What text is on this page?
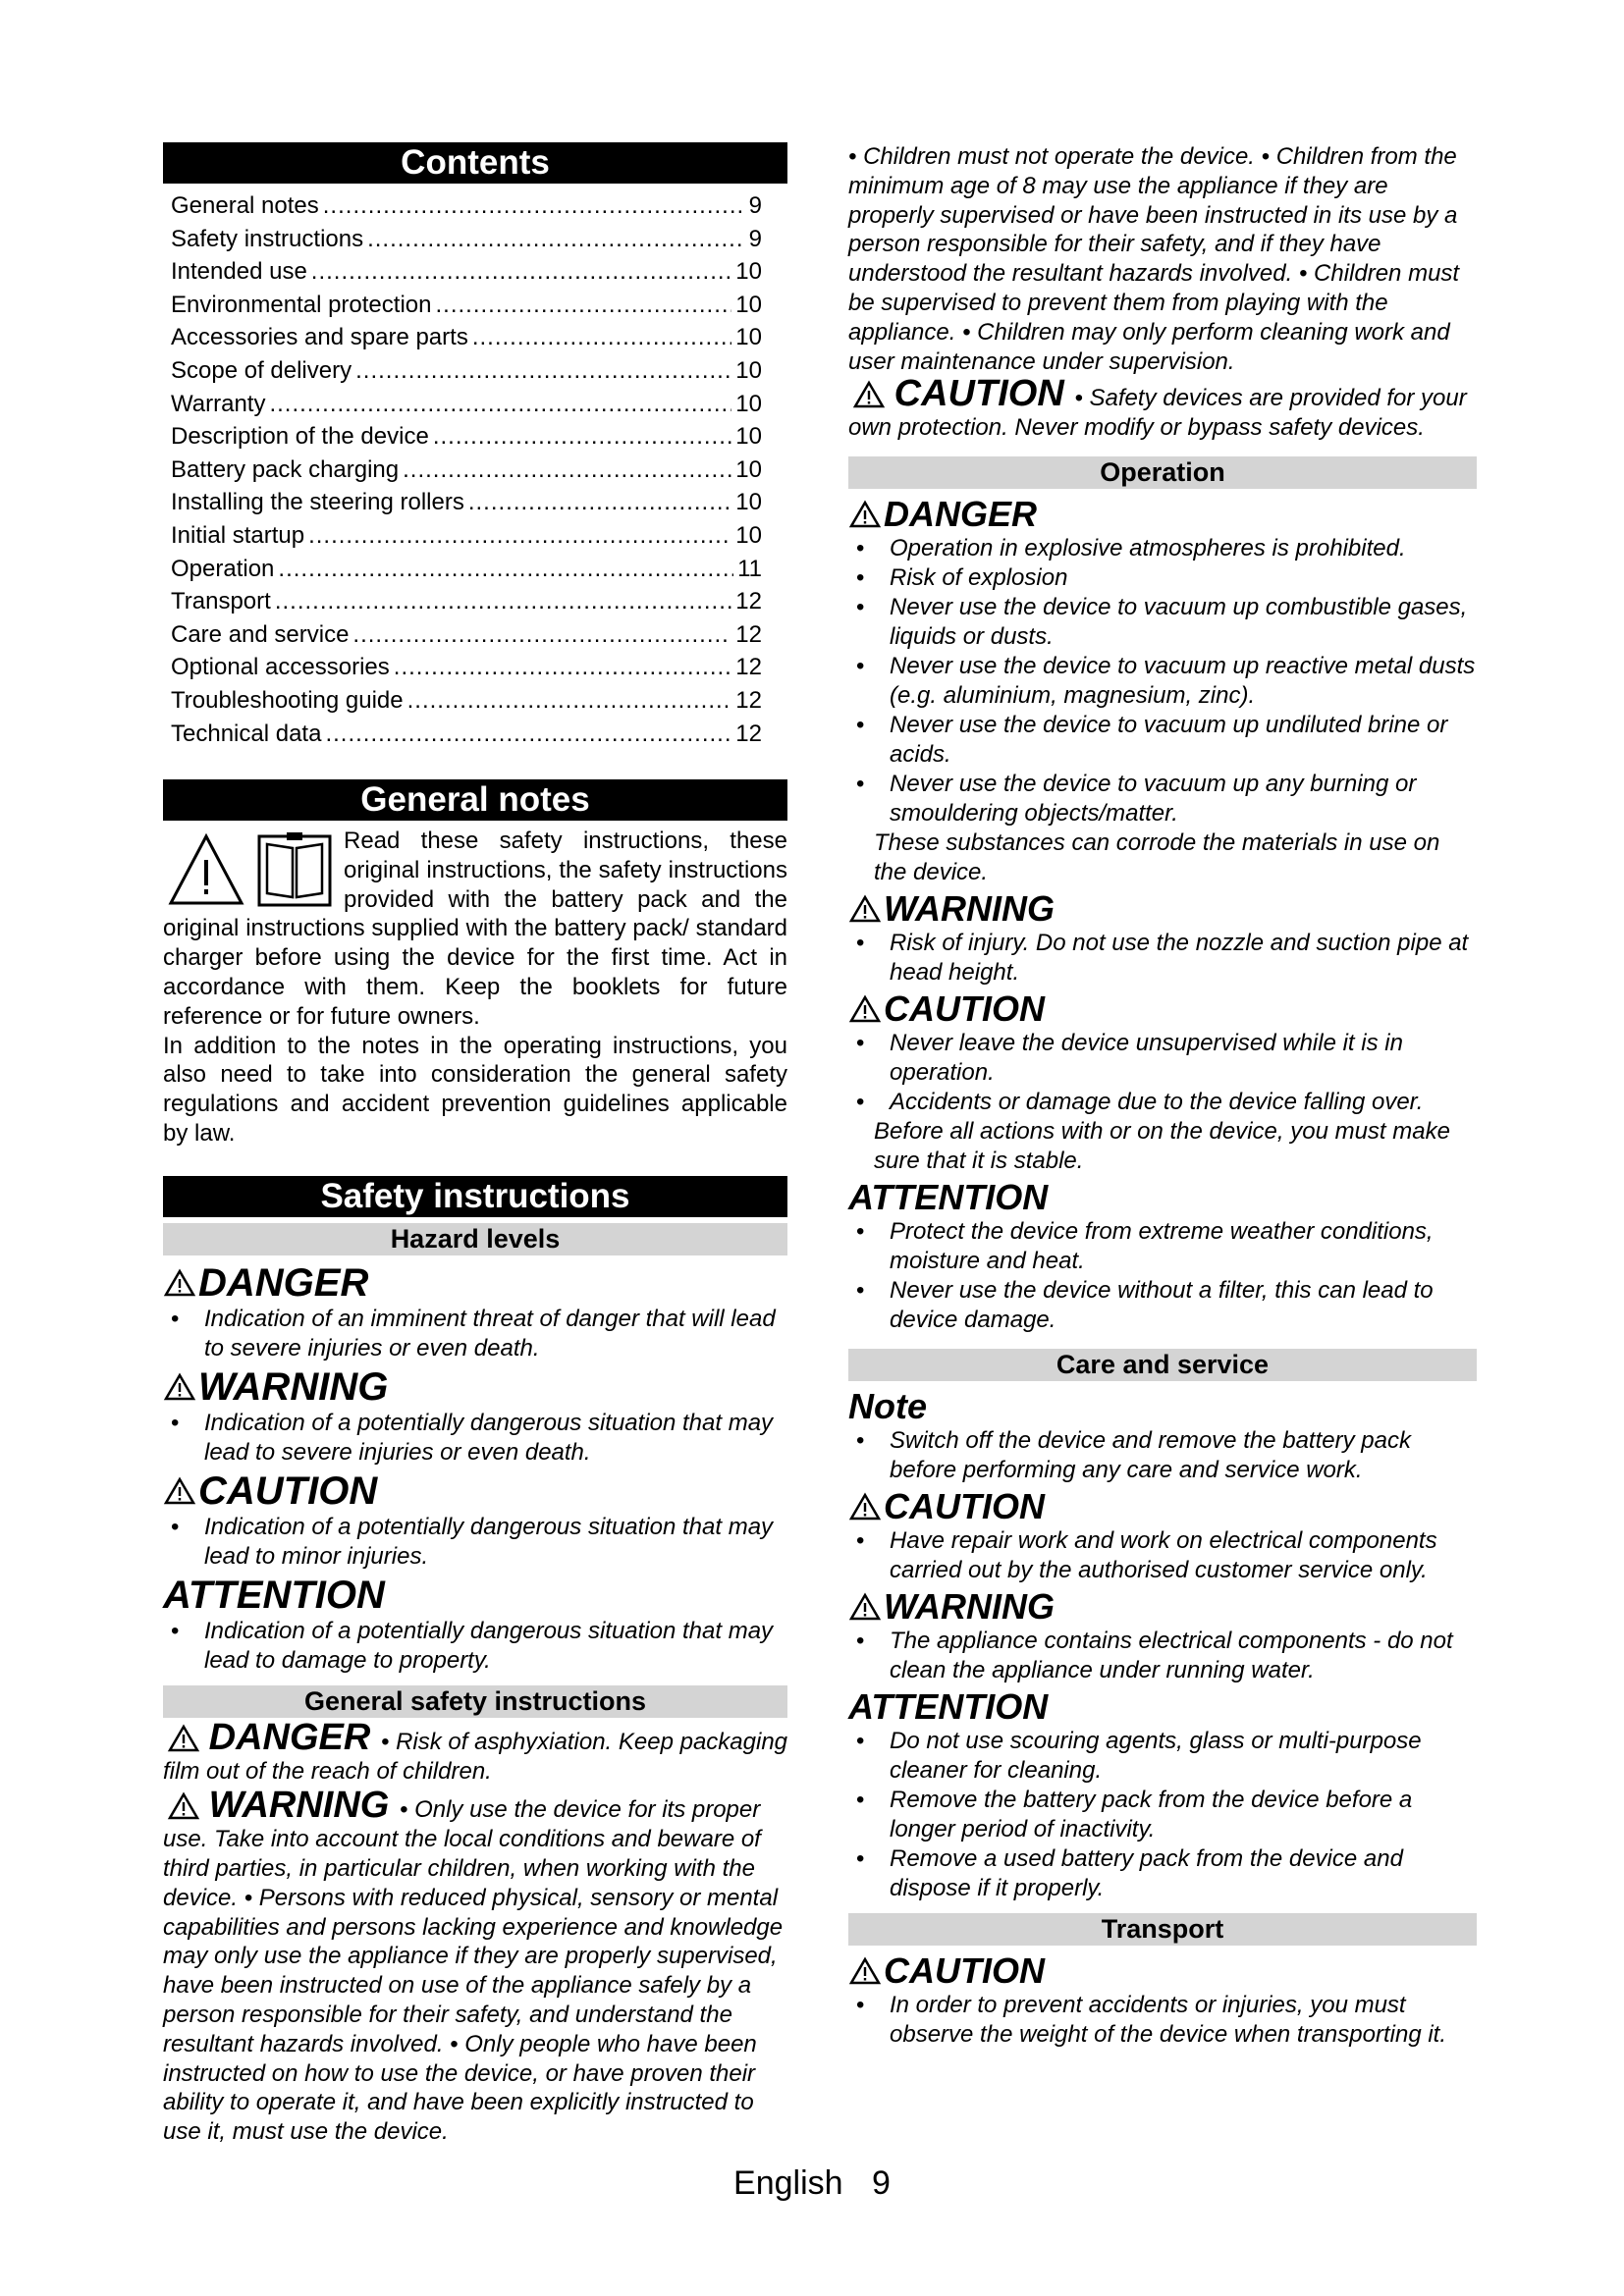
Contents
General notes .....	9
Safety instructions .....	9
Intended use .....	10
Environmental protection .....	10
Accessories and spare parts .....	10
Scope of delivery .....	10
Warranty .....	10
Description of the device .....	10
Battery pack charging .....	10
Installing the steering rollers .....	10
Initial startup .....	10
Operation .....	11
Transport .....	12
Care and service .....	12
Optional accessories .....	12
Troubleshooting guide .....	12
Technical data .....	12
General notes

Read these safety instructions, these original instructions, the safety instructions provided with the battery pack and the original instructions supplied with the battery pack/ standard charger before using the device for the first time. Act in accordance with them. Keep the booklets for future reference or for future owners.

In addition to the notes in the operating instructions, you also need to take into consideration the general safety regulations and accident prevention guidelines applicable by law.

Safety instructions
Hazard levels
DANGER
• Indication of an imminent threat of danger that will lead to severe injuries or even death.
WARNING
• Indication of a potentially dangerous situation that may lead to severe injuries or even death.
CAUTION
• Indication of a potentially dangerous situation that may lead to minor injuries.
ATTENTION
• Indication of a potentially dangerous situation that may lead to damage to property.
General safety instructions

DANGER • Risk of asphyxiation. Keep packaging film out of the reach of children.

WARNING • Only use the device for its proper use. Take into account the local conditions and beware of third parties, in particular children, when working with the device. • Persons with reduced physical, sensory or mental capabilities and persons lacking experience and knowledge may only use the appliance if they are properly supervised, have been instructed on use of the appliance safely by a person responsible for their safety, and understand the resultant hazards involved. • Only people who have been instructed on how to use the device, or have proven their ability to operate it, and have been explicitly instructed to use it, must use the device.

• Children must not operate the device. • Children from the minimum age of 8 may use the appliance if they are properly supervised or have been instructed in its use by a person responsible for their safety, and if they have understood the resultant hazards involved. • Children must be supervised to prevent them from playing with the appliance. • Children may only perform cleaning work and user maintenance under supervision.

CAUTION • Safety devices are provided for your own protection. Never modify or bypass safety devices.

Operation
DANGER
• Operation in explosive atmospheres is prohibited.
• Risk of explosion
• Never use the device to vacuum up combustible gases, liquids or dusts.
• Never use the device to vacuum up reactive metal dusts (e.g. aluminium, magnesium, zinc).
• Never use the device to vacuum up undiluted brine or acids.
• Never use the device to vacuum up any burning or smouldering objects/matter.

These substances can corrode the materials in use on the device.

WARNING
• Risk of injury. Do not use the nozzle and suction pipe at head height.
CAUTION
• Never leave the device unsupervised while it is in operation.
• Accidents or damage due to the device falling over.

Before all actions with or on the device, you must make sure that it is stable.

ATTENTION
• Protect the device from extreme weather conditions, moisture and heat.
• Never use the device without a filter, this can lead to device damage.
Care and service
Note
• Switch off the device and remove the battery pack before performing any care and service work.
CAUTION
• Have repair work and work on electrical components carried out by the authorised customer service only.
WARNING
• The appliance contains electrical components - do not clean the appliance under running water.
ATTENTION
• Do not use scouring agents, glass or multi-purpose cleaner for cleaning.
• Remove the battery pack from the device before a longer period of inactivity.
• Remove a used battery pack from the device and dispose if it properly.
Transport
CAUTION
• In order to prevent accidents or injuries, you must observe the weight of the device when transporting it.
English 9
